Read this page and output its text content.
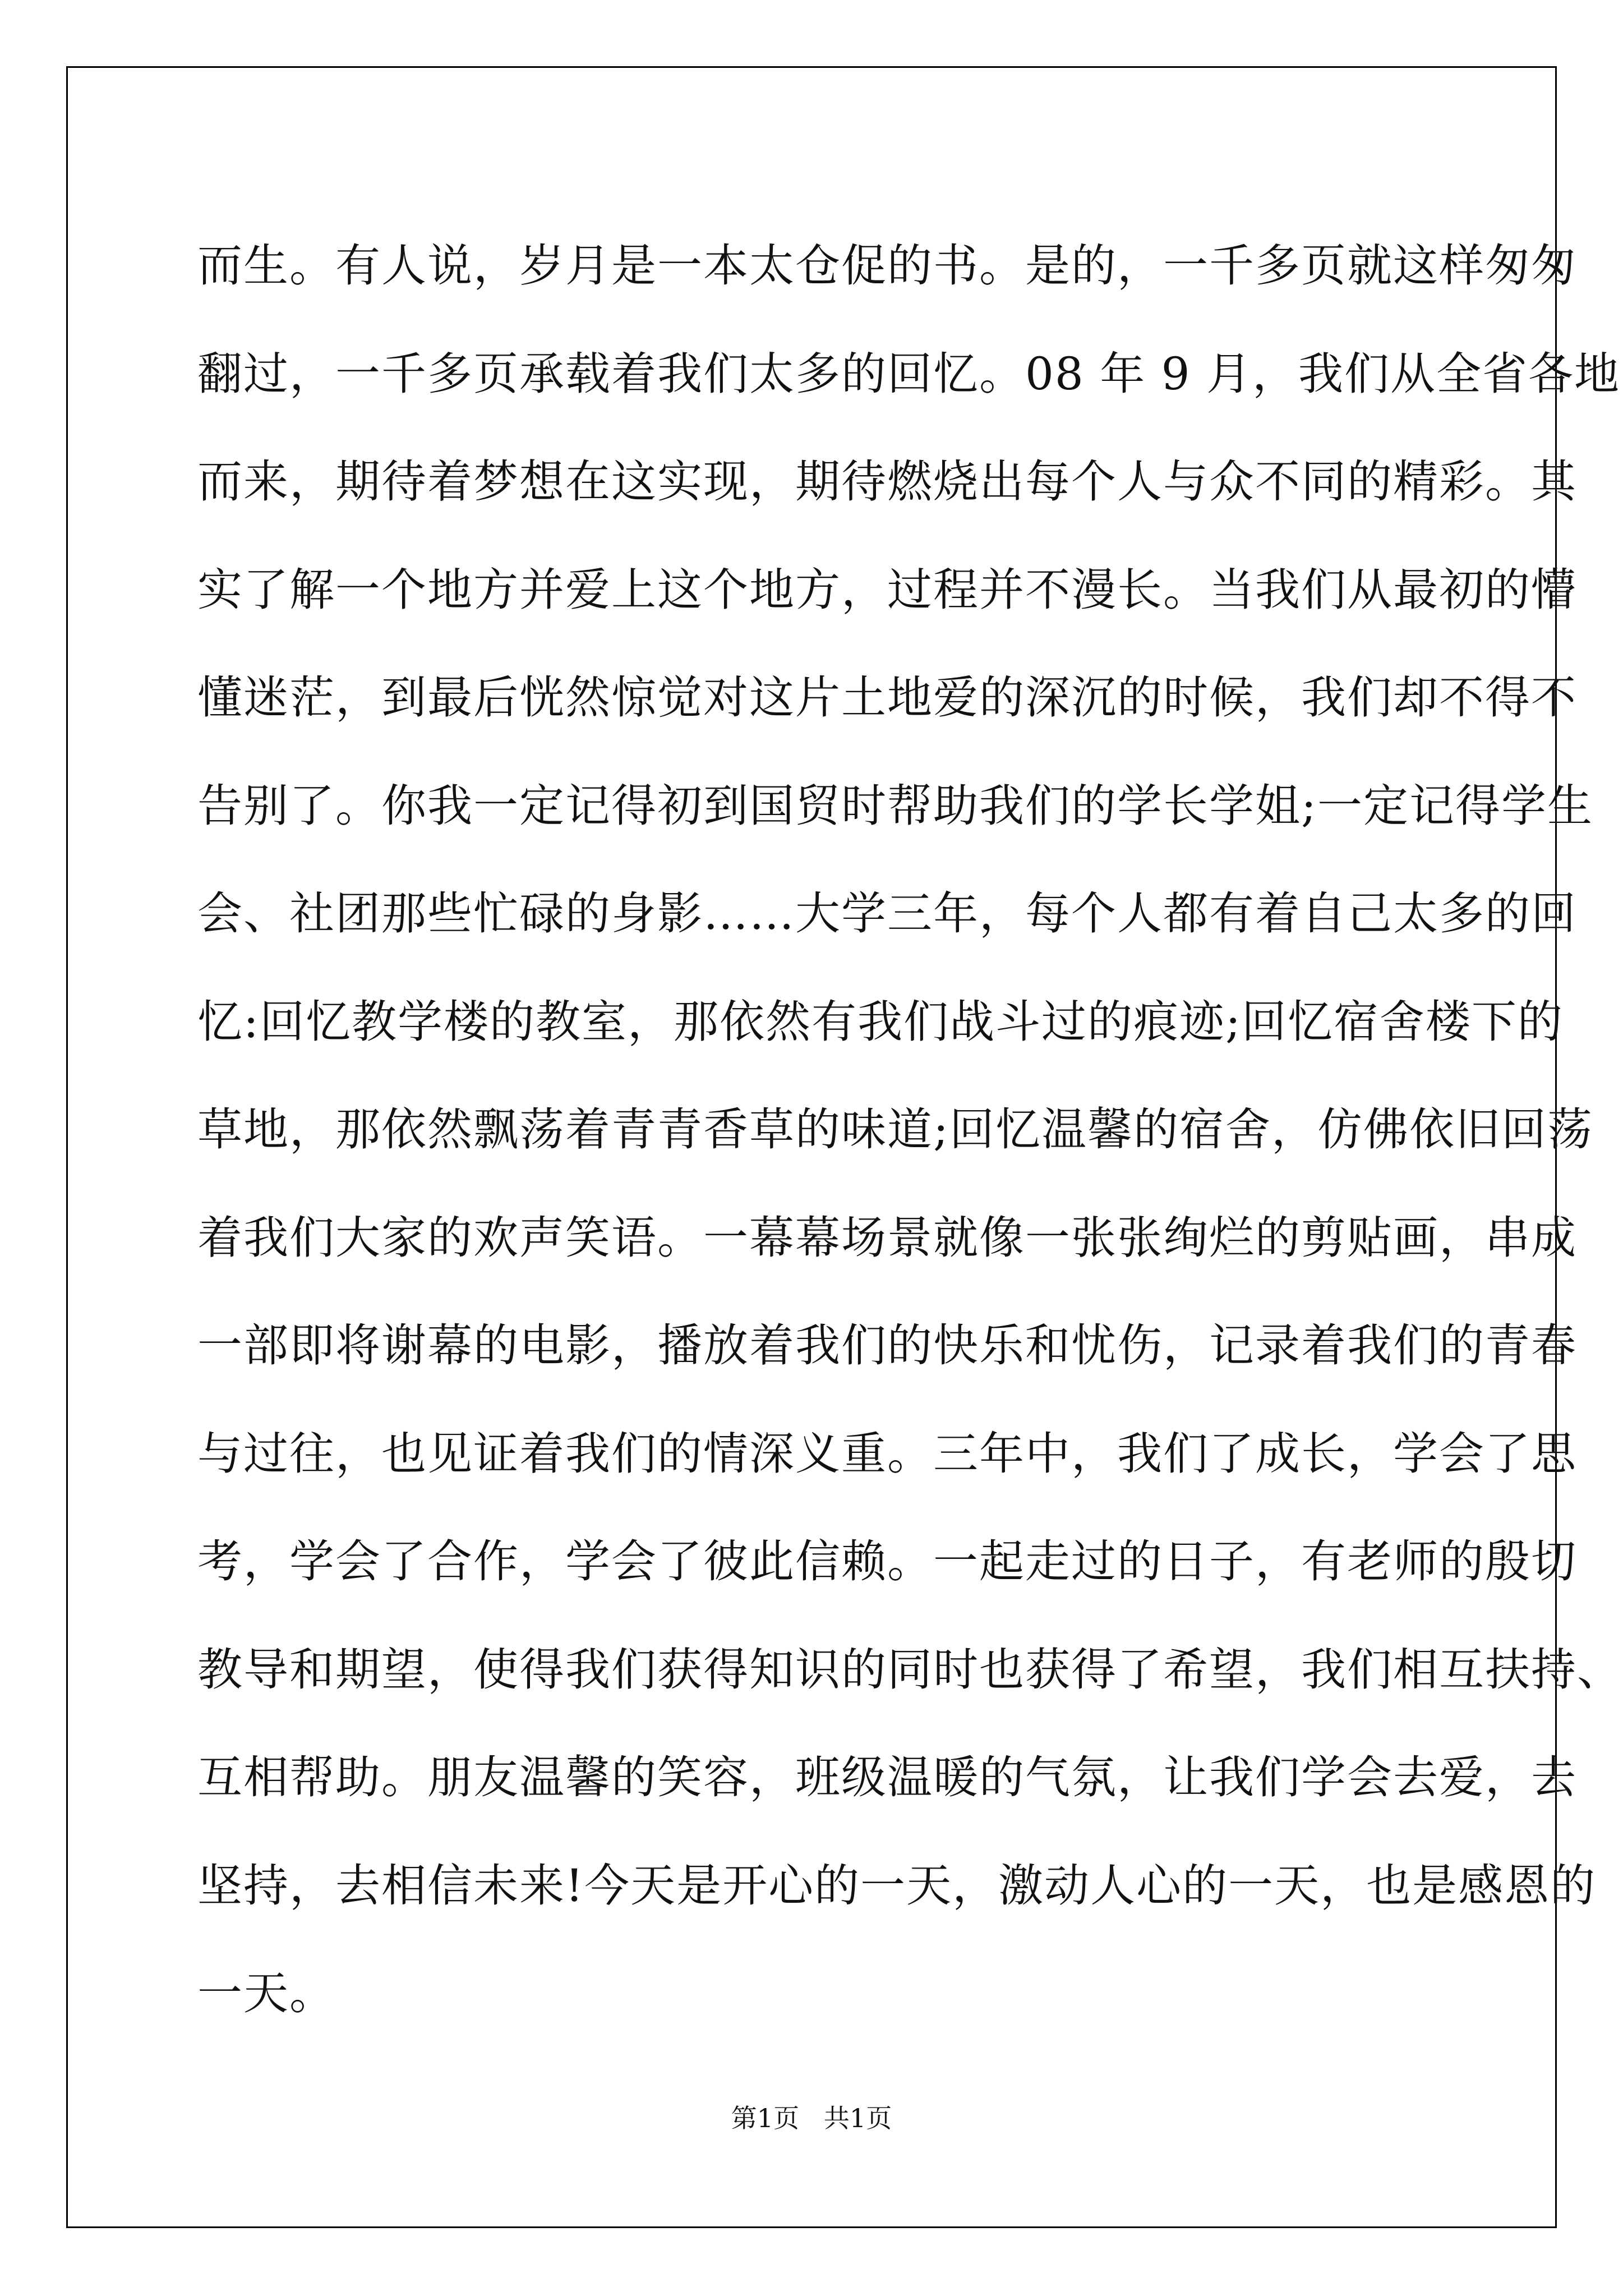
而生。有人说，岁月是一本太仓促的书。是的，一千多页就这样匆匆
翻过，一千多页承载着我们太多的回忆。08 年 9 月，我们从全省各地
而来，期待着梦想在这实现，期待燃烧出每个人与众不同的精彩。其
实了解一个地方并爱上这个地方，过程并不漫长。当我们从最初的懵
懂迷茫，到最后恍然惊觉对这片土地爱的深沉的时候，我们却不得不
告别了。你我一定记得初到国贸时帮助我们的学长学姐;一定记得学生
会、社团那些忙碌的身影……大学三年，每个人都有着自己太多的回
忆:回忆教学楼的教室，那依然有我们战斗过的痕迹;回忆宿舍楼下的
草地，那依然飘荡着青青香草的味道;回忆温馨的宿舍，仿佛依旧回荡
着我们大家的欢声笑语。一幕幕场景就像一张张绚烂的剪贴画，串成
一部即将谢幕的电影，播放着我们的快乐和忧伤，记录着我们的青春
与过往，也见证着我们的情深义重。三年中，我们了成长，学会了思
考，学会了合作，学会了彼此信赖。一起走过的日子，有老师的殷切
教导和期望，使得我们获得知识的同时也获得了希望，我们相互扶持、
互相帮助。朋友温馨的笑容，班级温暖的气氛，让我们学会去爱，去
坚持，去相信未来!今天是开心的一天，激动人心的一天，也是感恩的
一天。
第1页   共1页
